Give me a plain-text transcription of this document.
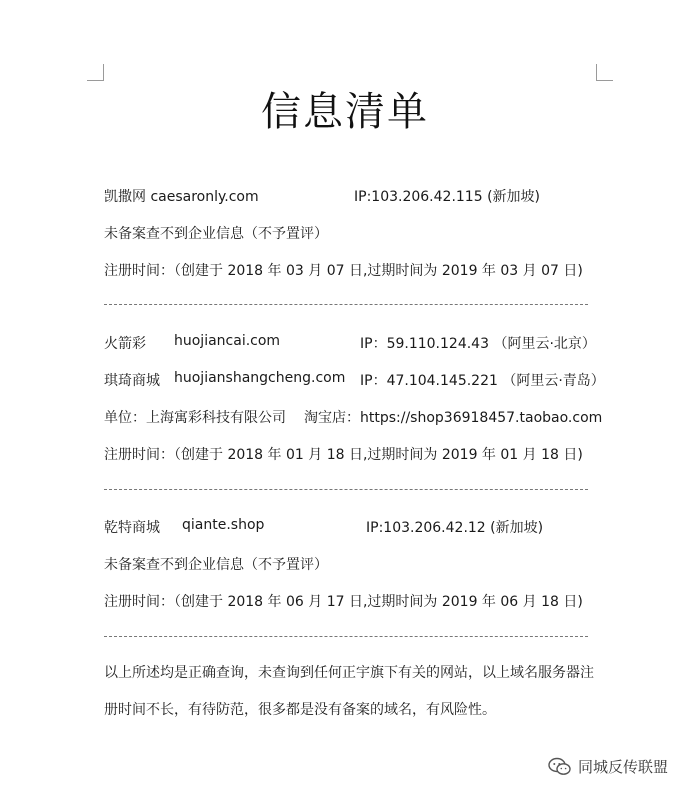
信息清单
凯撒网 caesaronly.com	IP:103.206.42.115 (新加坡)
未备案查不到企业信息（不予置评）
注册时间：（创建于 2018 年 03 月 07 日,过期时间为 2019 年 03 月 07 日)
火箭彩 huojiancai.com	IP：59.110.124.43 （阿里云·北京）
琪琦商城 huojianshangcheng.com IP：47.104.145.221 （阿里云·青岛）
单位：上海寓彩科技有限公司 淘宝店：https://shop36918457.taobao.com
注册时间：（创建于 2018 年 01 月 18 日,过期时间为 2019 年 01 月 18 日)
乾特商城 qiante.shop	IP:103.206.42.12 (新加坡)
未备案查不到企业信息（不予置评）
注册时间：（创建于 2018 年 06 月 17 日,过期时间为 2019 年 06 月 18 日)
以上所述均是正确查询，未查询到任何正宇旗下有关的网站，以上域名服务器注册时间不长，有待防范，很多都是没有备案的域名，有风险性。
同城反传联盟
